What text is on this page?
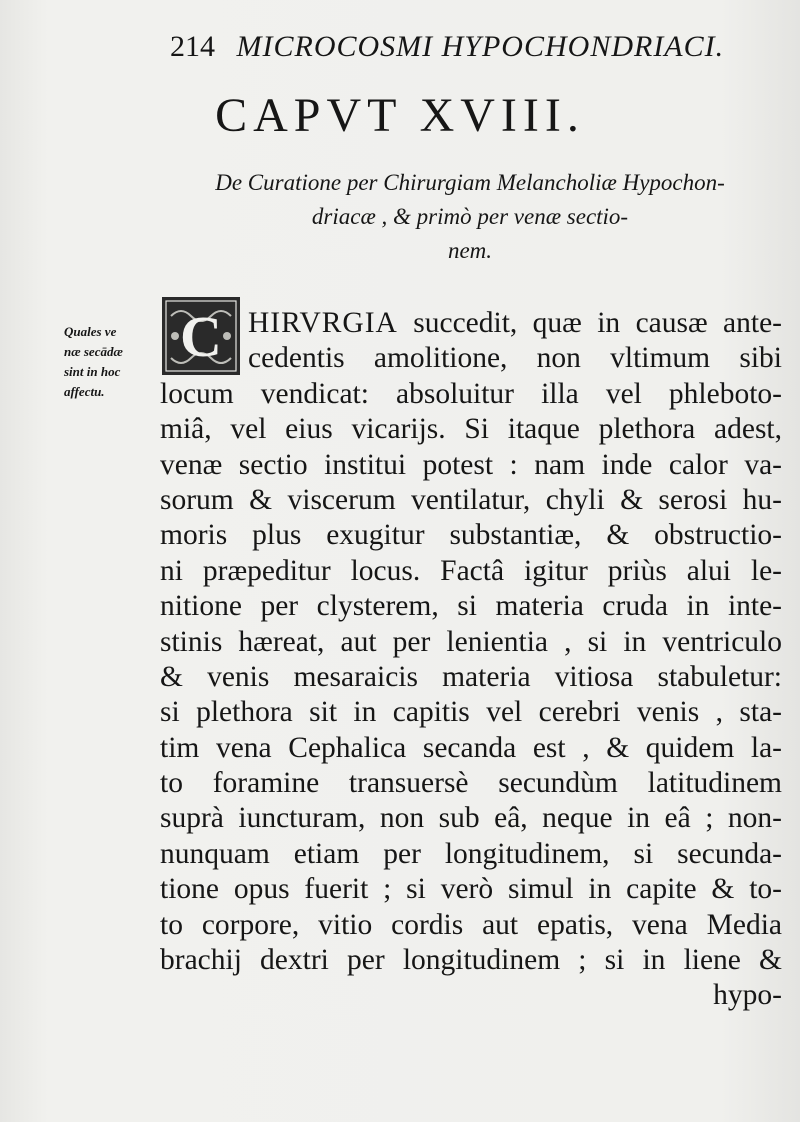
214 MICROCOSMI HYPOCHONDRIACI.
CAPVT XVIII.
De Curatione per Chirurgiam Melancholiæ Hypochon-
driacæ , & primò per venæ sectio-
nem.
Quales ve
næ secādæ
sint in hoc
affectu.
C HIRVRGIA succedit, quæ in causæ ante-
cedentis amolitione, non vltimum sibi
locum vendicat: absoluitur illa vel phleboto-
miâ, vel eius vicarijs. Si itaque plethora adest,
venæ sectio institui potest : nam inde calor va-
sorum & viscerum ventilatur, chyli & serosi hu-
moris plus exugitur substantiæ, & obstructio-
ni præpeditur locus. Factâ igitur priùs alui le-
nitione per clysterem, si materia cruda in inte-
stinis hæreat, aut per lenientia , si in ventriculo
& venis mesaraicis materia vitiosa stabuletur:
si plethora sit in capitis vel cerebri venis , sta-
tim vena Cephalica secanda est , & quidem la-
to foramine transuersè secundùm latitudinem
suprà iuncturam, non sub eâ, neque in eâ ; non-
nunquam etiam per longitudinem, si secunda-
tione opus fuerit ; si verò simul in capite & to-
to corpore, vitio cordis aut epatis, vena Media
brachij dextri per longitudinem ; si in liene &
hypo-
